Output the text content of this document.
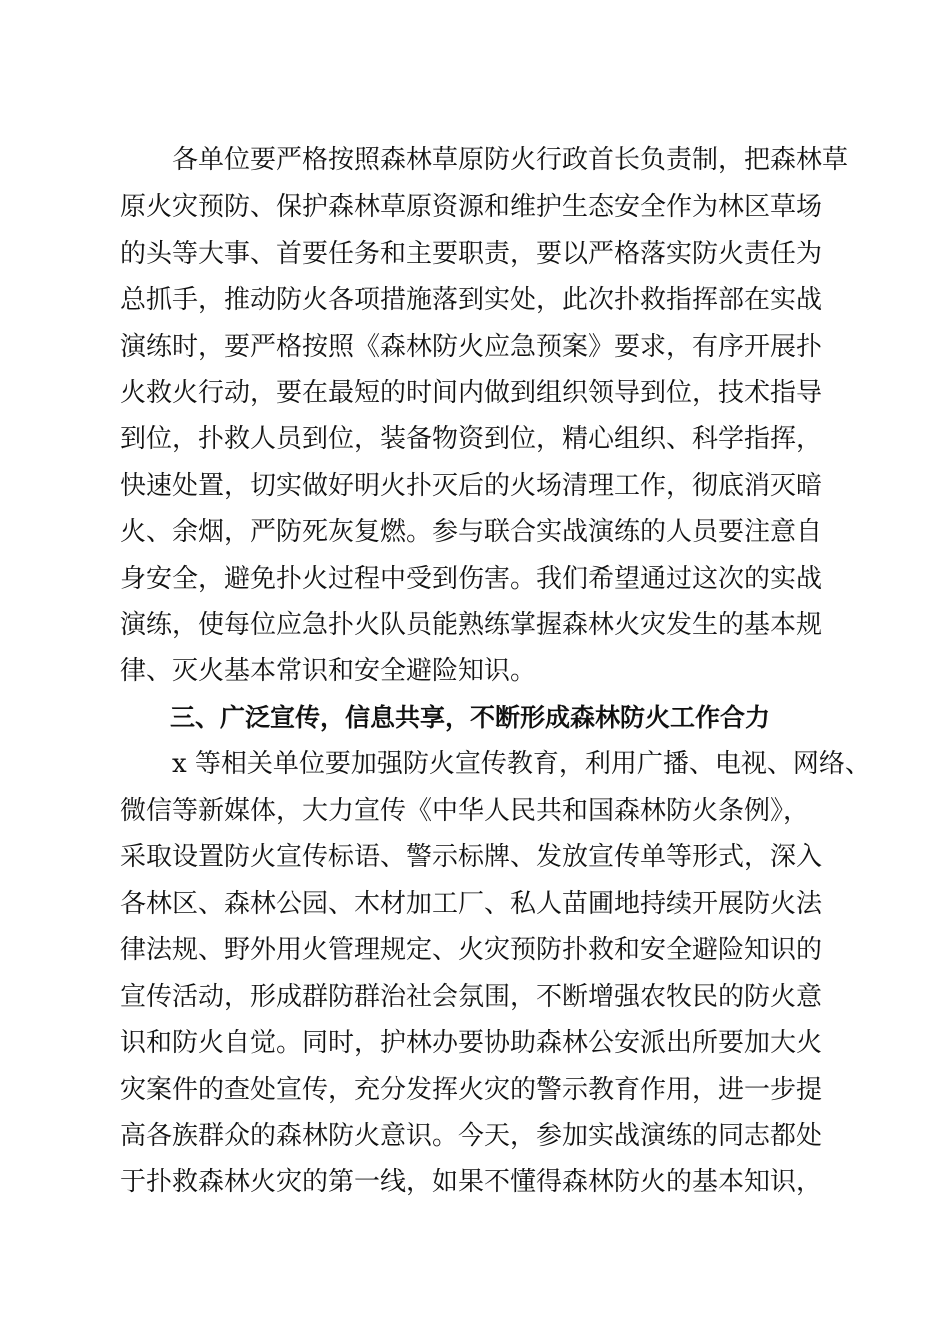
　　各单位要严格按照森林草原防火行政首长负责制，把森林草
原火灾预防、保护森林草原资源和维护生态安全作为林区草场
的头等大事、首要任务和主要职责，要以严格落实防火责任为
总抓手，推动防火各项措施落到实处，此次扑救指挥部在实战
演练时，要严格按照《森林防火应急预案》要求，有序开展扑
火救火行动，要在最短的时间内做到组织领导到位，技术指导
到位，扑救人员到位，装备物资到位，精心组织、科学指挥，
快速处置，切实做好明火扑灭后的火场清理工作，彻底消灭暗
火、余烟，严防死灰复燃。参与联合实战演练的人员要注意自
身安全，避免扑火过程中受到伤害。我们希望通过这次的实战
演练，使每位应急扑火队员能熟练掌握森林火灾发生的基本规
律、灭火基本常识和安全避险知识。
　　三、广泛宣传，信息共享，不断形成森林防火工作合力
　　x 等相关单位要加强防火宣传教育，利用广播、电视、网络、
微信等新媒体，大力宣传《中华人民共和国森林防火条例》，
采取设置防火宣传标语、警示标牌、发放宣传单等形式，深入
各林区、森林公园、木材加工厂、私人苗圃地持续开展防火法
律法规、野外用火管理规定、火灾预防扑救和安全避险知识的
宣传活动，形成群防群治社会氛围，不断增强农牧民的防火意
识和防火自觉。同时，护林办要协助森林公安派出所要加大火
灾案件的查处宣传，充分发挥火灾的警示教育作用，进一步提
高各族群众的森林防火意识。今天，参加实战演练的同志都处
于扑救森林火灾的第一线，如果不懂得森林防火的基本知识，
